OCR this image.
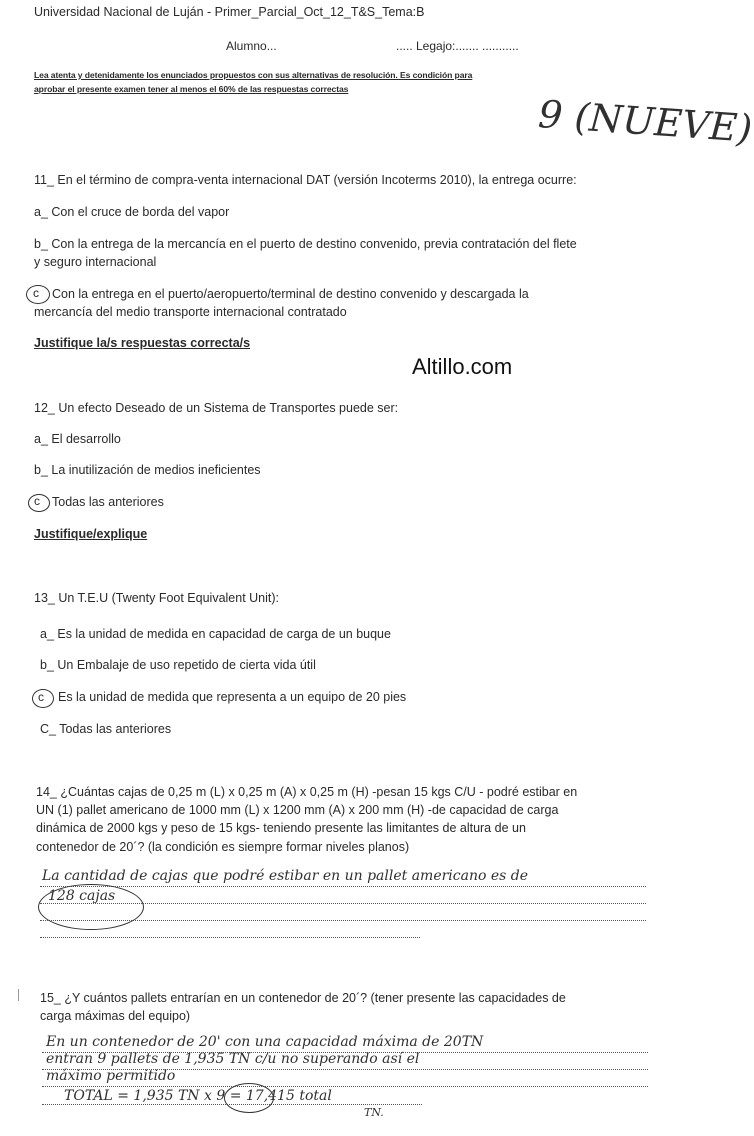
Universidad Nacional de Luján - Primer_Parcial_Oct_12_T&S_Tema:B
Alumno...	..... Legajo:....... ...........
Lea atenta y detenidamente los enunciados propuestos con sus alternativas de resolución. Es condición para
aprobar el presente examen tener al menos el 60% de las respuestas correctas
9 (NUEVE)
11_ En el término de compra-venta internacional DAT (versión Incoterms 2010), la entrega ocurre:
a_ Con el cruce de borda del vapor
b_ Con la entrega de la mercancía en el puerto de destino convenido, previa contratación del flete
y seguro internacional
c Con la entrega en el puerto/aeropuerto/terminal de destino convenido y descargada la
mercancía del medio transporte internacional contratado
Justifique la/s respuestas correcta/s
Altillo.com
12_ Un efecto Deseado de un Sistema de Transportes puede ser:
a_ El desarrollo
b_ La inutilización de medios ineficientes
c Todas las anteriores
Justifique/explique
13_ Un T.E.U (Twenty Foot Equivalent Unit):
a_ Es la unidad de medida en capacidad de carga de un buque
b_ Un Embalaje de uso repetido de cierta vida útil
c Es la unidad de medida que representa a un equipo de 20 pies
C_ Todas las anteriores
14_ ¿Cuántas cajas de 0,25 m (L) x 0,25 m (A) x 0,25 m (H) -pesan 15 kgs C/U - podré estibar en
UN (1) pallet americano de 1000 mm (L) x 1200 mm (A) x 200 mm (H) -de capacidad de carga
dinámica de 2000 kgs y peso de 15 kgs- teniendo presente las limitantes de altura de un
contenedor de 20´? (la condición es siempre formar niveles planos)
La cantidad de cajas que podré estibar en un pallet americano es de
128 cajas
15_ ¿Y cuántos pallets entrarían en un contenedor de 20´? (tener presente las capacidades de
carga máximas del equipo)
En un contenedor de 20' con una capacidad máxima de 20TN
entran 9 pallets de 1,935 TN c/u no superando así el
máximo permitido
TOTAL = 1,935 TN x 9 = 17,415 total
TN.
